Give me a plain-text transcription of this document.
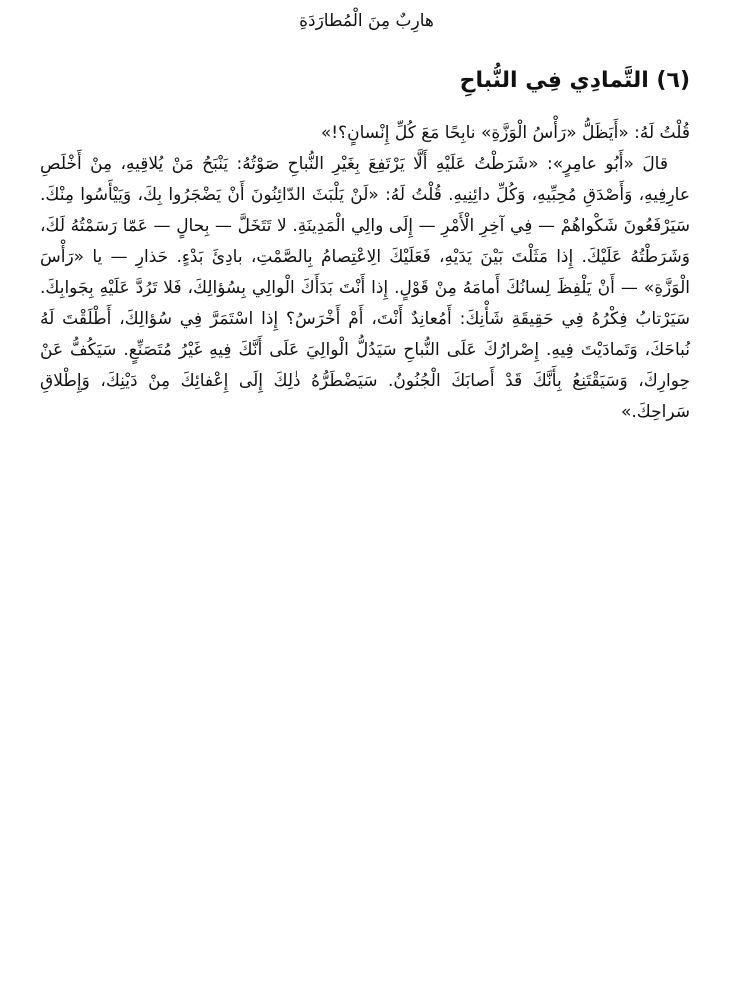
هارِبٌ مِنَ الْمُطارَدَةِ
(٦) التَّمادِي فِي النُّباحِ

قُلْتُ لَهُ: «أَيَظَلُّ «رَأْسُ الْوَزَّةِ» نابِحًا مَعَ كُلِّ إِنْسانٍ؟!»

قالَ «أَبُو عامِرٍ»: «شَرَطْتُ عَلَيْهِ أَلَّا يَرْتَفِعَ بِغَيْرِ النُّباحِ صَوْتُهُ: يَنْبَحُ مَنْ يُلاقِيهِ، مِنْ أَخْلَصِ عارِفِيهِ، وَأَصْدَقِ مُحِبِّيهِ، وَكُلِّ دائِنِيهِ. قُلْتُ لَهُ: «لَنْ يَلْبَثَ الدّائِنُونَ أَنْ يَضْجَرُوا بِكَ، وَيَيْأَسُوا مِنْكَ. سَيَرْفَعُونَ شَكْواهُمْ — فِي آخِرِ الْأَمْرِ — إِلَى والِي الْمَدِينَةِ. لا تَتَخَلَّ — بِحالٍ — عَمّا رَسَمْتُهُ لَكَ، وَشَرَطْتُهُ عَلَيْكَ. إِذا مَثَلْتَ بَيْنَ يَدَيْهِ، فَعَلَيْكَ الِاعْتِصامُ بِالصَّمْتِ، بادِئَ بَدْءٍ. حَذارِ — يا «رَأْسَ الْوَزَّةِ» — أَنْ يَلْفِظَ لِسانُكَ أَمامَهُ مِنْ قَوْلٍ. إِذا أَنْتَ بَدَأَكَ الْوالِي بِسُؤالِكَ، فَلا تَرُدَّ عَلَيْهِ بِجَوابِكَ. سَيَرْتابُ فِكْرُهُ فِي حَقِيقَةِ شَأْنِكَ: أَمُعانِدٌ أَنْتَ، أَمْ أَخْرَسُ؟ إِذا اسْتَمَرَّ فِي سُؤالِكَ، أَطْلَقْتَ لَهُ نُباحَكَ، وَتَمادَيْتَ فِيهِ. إِصْرارُكَ عَلَى النُّباحِ سَيَدُلُّ الْوالِيَ عَلَى أَنَّكَ فِيهِ غَيْرُ مُتَصَنِّعٍ. سَيَكُفُّ عَنْ حِوارِكَ، وَسَيَقْتَنِعُ بِأَنَّكَ قَدْ أَصابَكَ الْجُنُونُ. سَيَضْطَرُّهُ ذٰلِكَ إِلَى إِعْفائِكَ مِنْ دَيْنِكَ، وَإِطْلاقِ سَراحِكَ.»
